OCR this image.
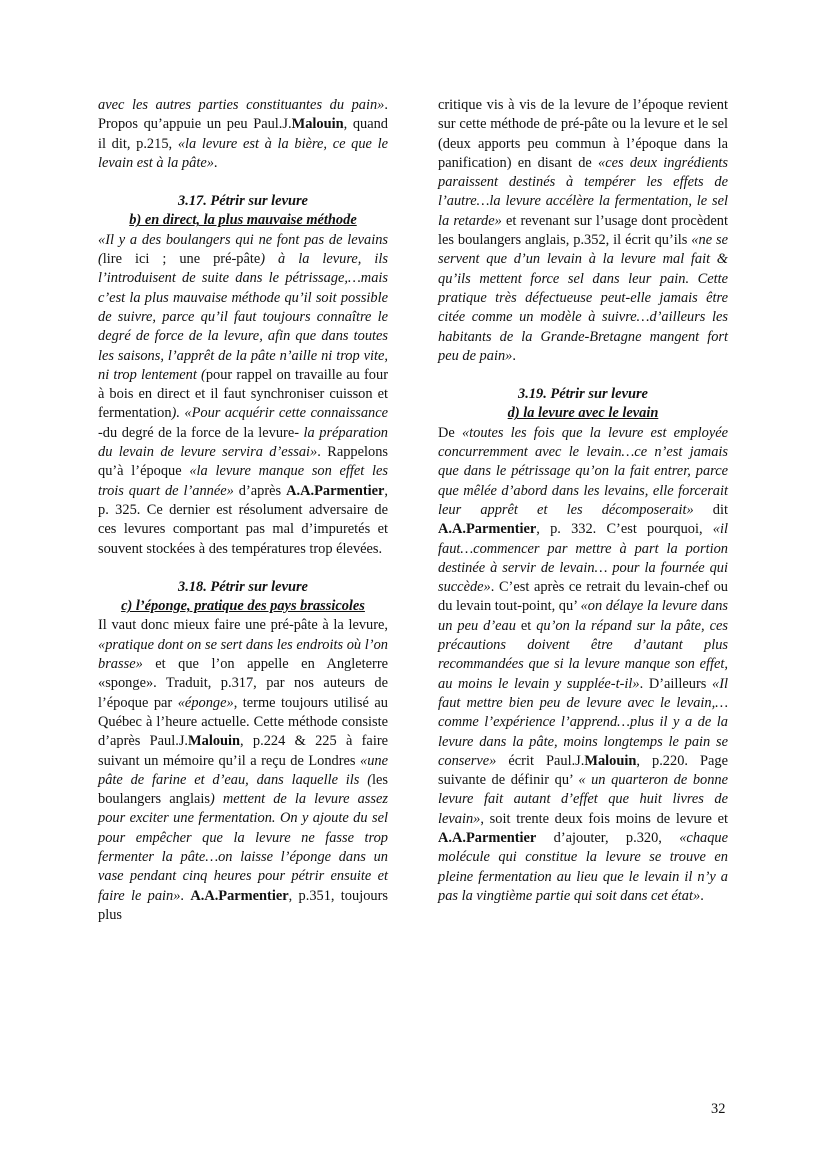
avec les autres parties constituantes du pain». Propos qu’appuie un peu Paul.J.Malouin, quand il dit, p.215, «la levure est à la bière, ce que le levain est à la pâte».

3.17. Pétrir sur levure
b) en direct, la plus mauvaise méthode

«Il y a des boulangers qui ne font pas de levains (lire ici ; une pré-pâte) à la levure, ils l’introduisent de suite dans le pétrissage,…mais c’est la plus mauvaise méthode qu’il soit possible de suivre, parce qu’il faut toujours connaître le degré de force de la levure, afin que dans toutes les saisons, l’apprêt de la pâte n’aille ni trop vite, ni trop lentement (pour rappel on travaille au four à bois en direct et il faut synchroniser cuisson et fermentation). «Pour acquérir cette connaissance -du degré de la force de la levure- la préparation du levain de levure servira d’essai». Rappelons qu’à l’époque «la levure manque son effet les trois quart de l’année» d’après A.A.Parmentier, p. 325. Ce dernier est résolument adversaire de ces levures comportant pas mal d’impuretés et souvent stockées à des températures trop élevées.

3.18. Pétrir sur levure
c) l’éponge, pratique des pays brassicoles

Il vaut donc mieux faire une pré-pâte à la levure, «pratique dont on se sert dans les endroits où l’on brasse» et que l’on appelle en Angleterre «sponge». Traduit, p.317, par nos auteurs de l’époque par «éponge», terme toujours utilisé au Québec à l’heure actuelle. Cette méthode consiste d’après Paul.J.Malouin, p.224 & 225 à faire suivant un mémoire qu’il a reçu de Londres «une pâte de farine et d’eau, dans laquelle ils (les boulangers anglais) mettent de la levure assez pour exciter une fermentation. On y ajoute du sel pour empêcher que la levure ne fasse trop fermenter la pâte…on laisse l’éponge dans un vase pendant cinq heures pour pétrir ensuite et faire le pain». A.A.Parmentier, p.351, toujours plus

critique vis à vis de la levure de l’époque revient sur cette méthode de pré-pâte ou la levure et le sel (deux apports peu commun à l’époque dans la panification) en disant de «ces deux ingrédients paraissent destinés à tempérer les effets de l’autre…la levure accélère la fermentation, le sel la retarde» et revenant sur l’usage dont procèdent les boulangers anglais, p.352, il écrit qu’ils «ne se servent que d’un levain à la levure mal fait & qu’ils mettent force sel dans leur pain. Cette pratique très défectueuse peut-elle jamais être citée comme un modèle à suivre…d’ailleurs les habitants de la Grande-Bretagne mangent fort peu de pain».

3.19. Pétrir sur levure
d) la levure avec le levain

De «toutes les fois que la levure est employée concurremment avec le levain…ce n’est jamais que dans le pétrissage qu’on la fait entrer, parce que mêlée d’abord dans les levains, elle forcerait leur apprêt et les décomposerait» dit A.A.Parmentier, p. 332. C’est pourquoi, «il faut…commencer par mettre à part la portion destinée à servir de levain… pour la fournée qui succède». C’est après ce retrait du levain-chef ou du levain tout-point, qu’ «on délaye la levure dans un peu d’eau et qu’on la répand sur la pâte, ces précautions doivent être d’autant plus recommandées que si la levure manque son effet, au moins le levain y supplée-t-il». D’ailleurs «Il faut mettre bien peu de levure avec le levain,…comme l’expérience l’apprend…plus il y a de la levure dans la pâte, moins longtemps le pain se conserve» écrit Paul.J.Malouin, p.220. Page suivante de définir qu’ « un quarteron de bonne levure fait autant d’effet que huit livres de levain», soit trente deux fois moins de levure et A.A.Parmentier d’ajouter, p.320, «chaque molécule qui constitue la levure se trouve en pleine fermentation au lieu que le levain il n’y a pas la vingtième partie qui soit dans cet état».

32
